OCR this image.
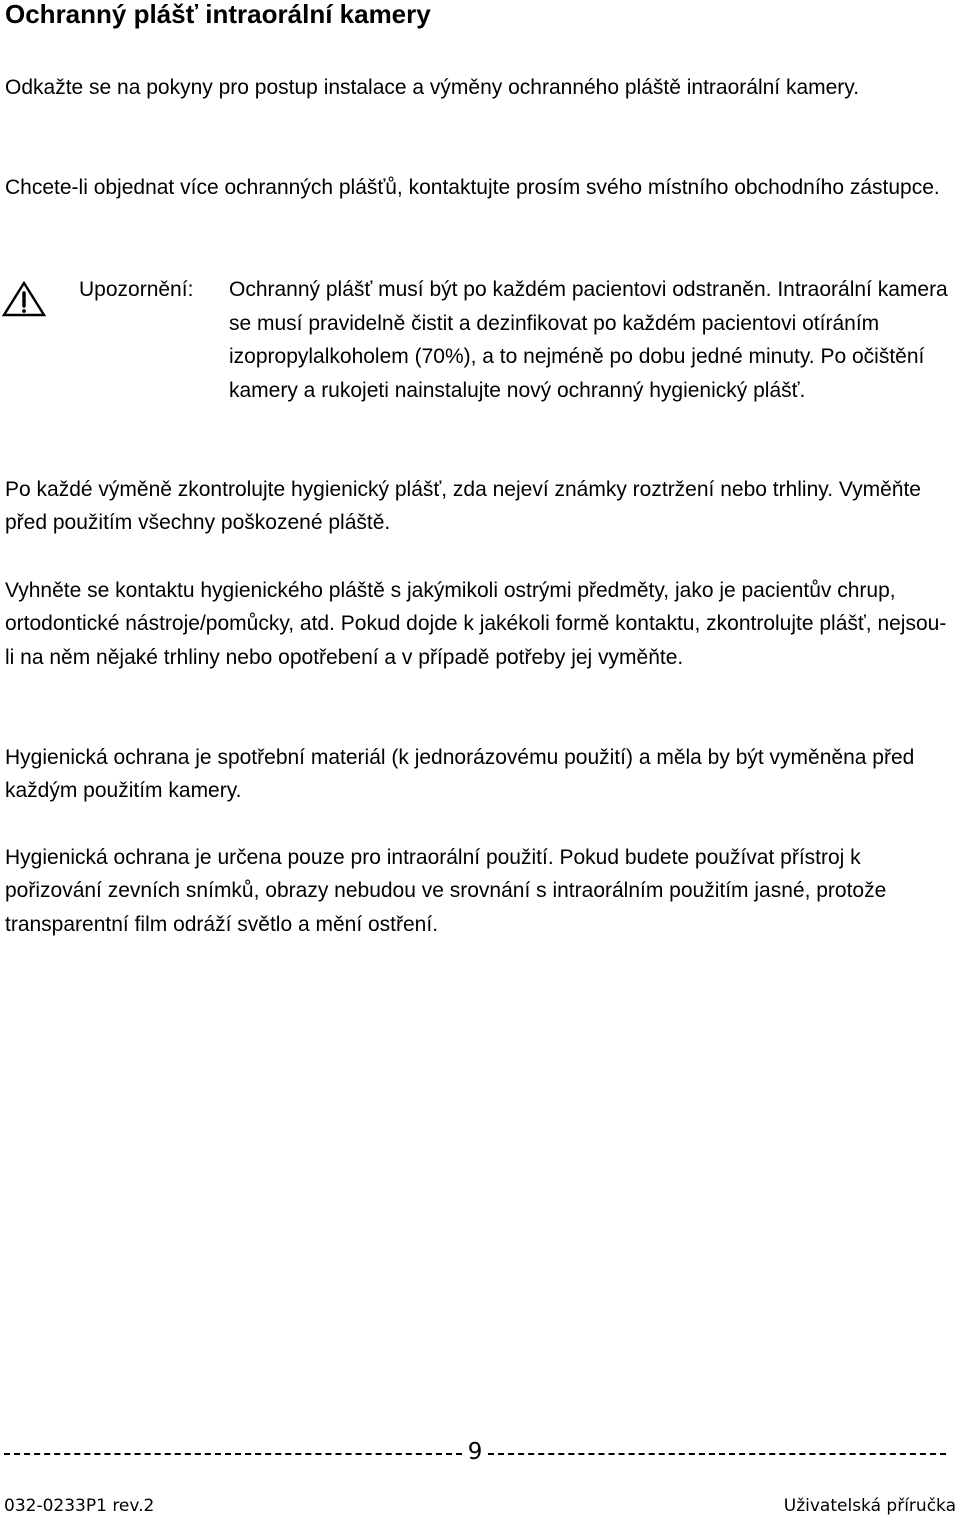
Ochranný plášť intraorální kamery

Odkažte se na pokyny pro postup instalace a výměny ochranného pláště intraorální kamery.

Chcete-li objednat více ochranných plášťů, kontaktujte prosím svého místního obchodního zástupce.

Upozornění: Ochranný plášť musí být po každém pacientovi odstraněn. Intraorální kamera se musí pravidelně čistit a dezinfikovat po každém pacientovi otíráním izopropylalkoholem (70%), a to nejméně po dobu jedné minuty. Po očištění kamery a rukojeti nainstalujte nový ochranný hygienický plášť.

Po každé výměně zkontrolujte hygienický plášť, zda nejeví známky roztržení nebo trhliny. Vyměňte před použitím všechny poškozené pláště.

Vyhněte se kontaktu hygienického pláště s jakýmikoli ostrými předměty, jako je pacientův chrup, ortodontické nástroje/pomůcky, atd. Pokud dojde k jakékoli formě kontaktu, zkontrolujte plášť, nejsou-li na něm nějaké trhliny nebo opotřebení a v případě potřeby jej vyměňte.

Hygienická ochrana je spotřební materiál (k jednorázovému použití) a měla by být vyměněna před každým použitím kamery.

Hygienická ochrana je určena pouze pro intraorální použití. Pokud budete používat přístroj k pořizování zevních snímků, obrazy nebudou ve srovnání s intraorálním použitím jasné, protože transparentní film odráží světlo a mění ostření.

9
032-0233P1 rev.2	Uživatelská příručka
